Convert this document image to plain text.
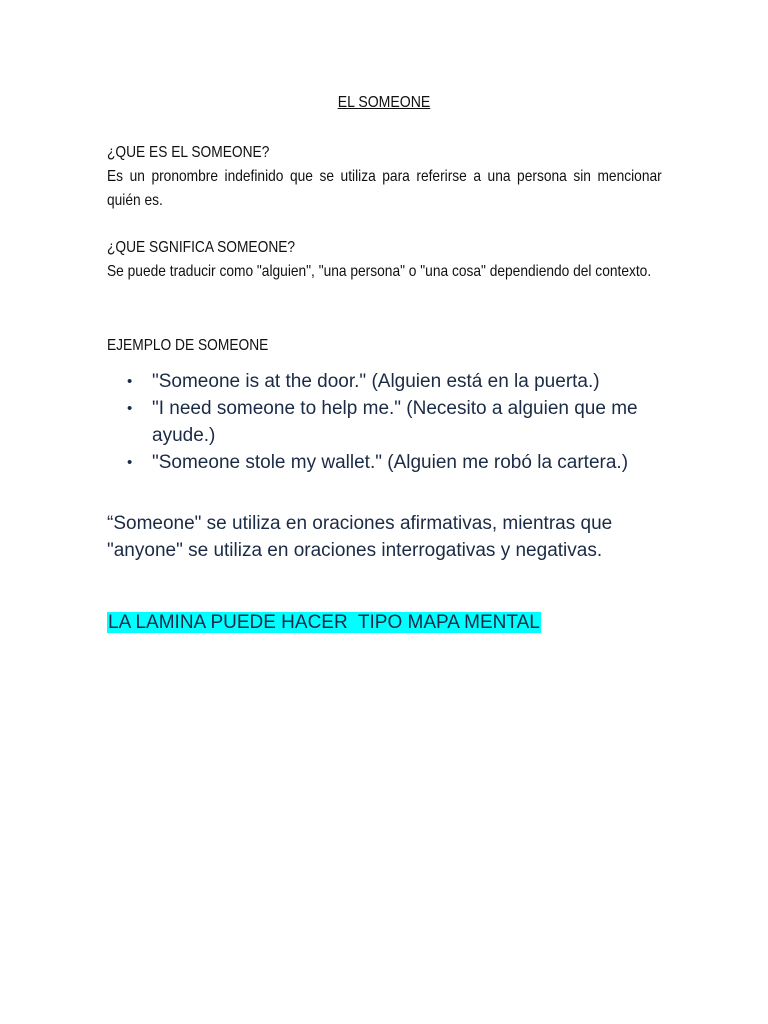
EL SOMEONE
¿QUE ES EL SOMEONE?
Es un pronombre indefinido que se utiliza para referirse a una persona sin mencionar quién es.
¿QUE SGNIFICA SOMEONE?
Se puede traducir como "alguien", "una persona" o "una cosa" dependiendo del contexto.
EJEMPLO DE SOMEONE
• "Someone is at the door." (Alguien está en la puerta.)
• "I need someone to help me." (Necesito a alguien que me ayude.)
• "Someone stole my wallet." (Alguien me robó la cartera.)
“Someone" se utiliza en oraciones afirmativas, mientras que "anyone" se utiliza en oraciones interrogativas y negativas.
LA LAMINA PUEDE HACER  TIPO MAPA MENTAL
